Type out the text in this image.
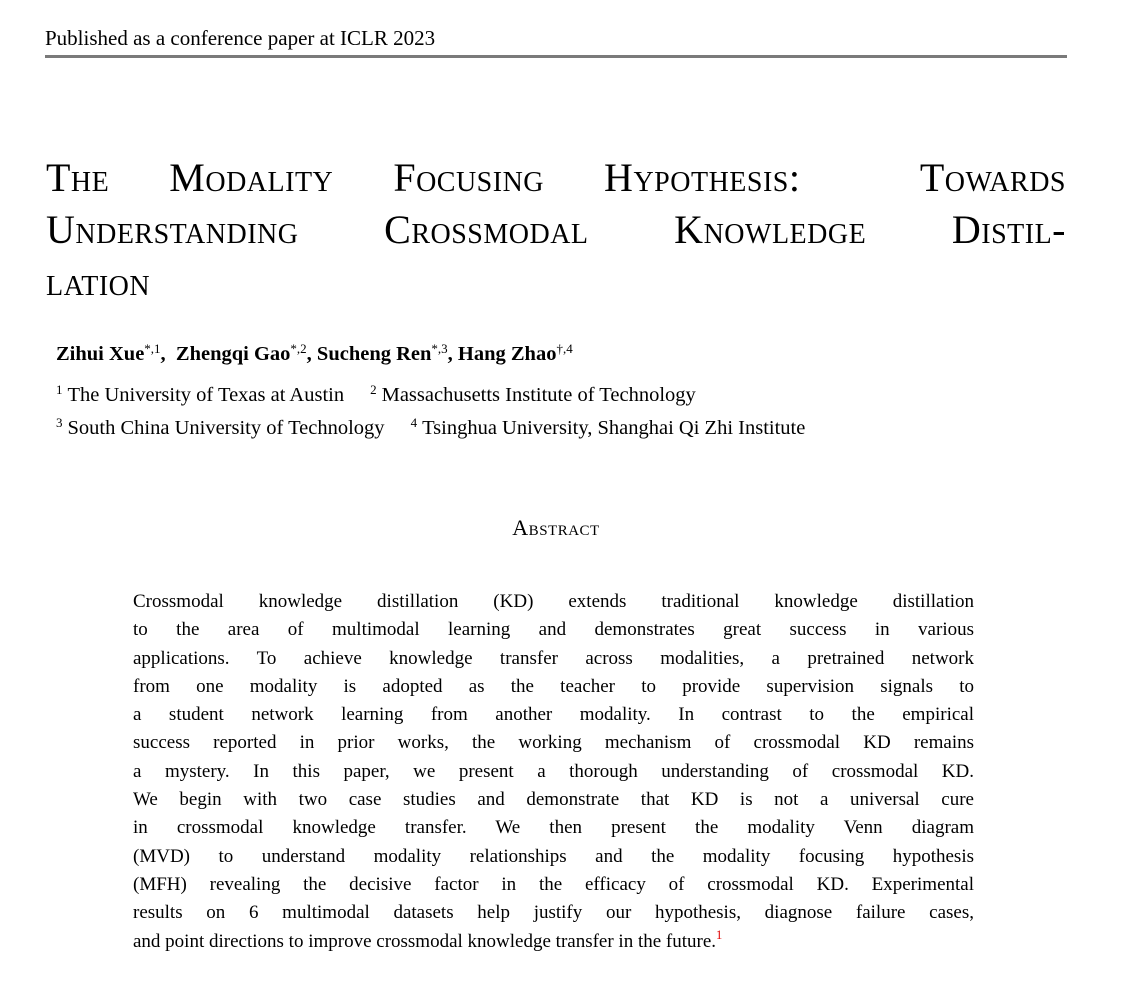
Published as a conference paper at ICLR 2023
The Modality Focusing Hypothesis:  Towards
Understanding Crossmodal Knowledge Distil-
lation
Zihui Xue$^{*,1}$,  Zhengqi Gao$^{*,2}$, Sucheng Ren$^{*,3}$, Hang Zhao$^{\dagger,4}$
$^1$ The University of Texas at Austin $^2$ Massachusetts Institute of Technology
$^3$ South China University of Technology $^4$ Tsinghua University, Shanghai Qi Zhi Institute
Abstract
Crossmodal knowledge distillation (KD) extends traditional knowledge distillation
to the area of multimodal learning and demonstrates great success in various
applications. To achieve knowledge transfer across modalities, a pretrained network
from one modality is adopted as the teacher to provide supervision signals to
a student network learning from another modality. In contrast to the empirical
success reported in prior works, the working mechanism of crossmodal KD remains
a mystery. In this paper, we present a thorough understanding of crossmodal KD.
We begin with two case studies and demonstrate that KD is not a universal cure
in crossmodal knowledge transfer. We then present the modality Venn diagram
(MVD) to understand modality relationships and the modality focusing hypothesis
(MFH) revealing the decisive factor in the efficacy of crossmodal KD. Experimental
results on 6 multimodal datasets help justify our hypothesis, diagnose failure cases,
and point directions to improve crossmodal knowledge transfer in the future.$^1$
